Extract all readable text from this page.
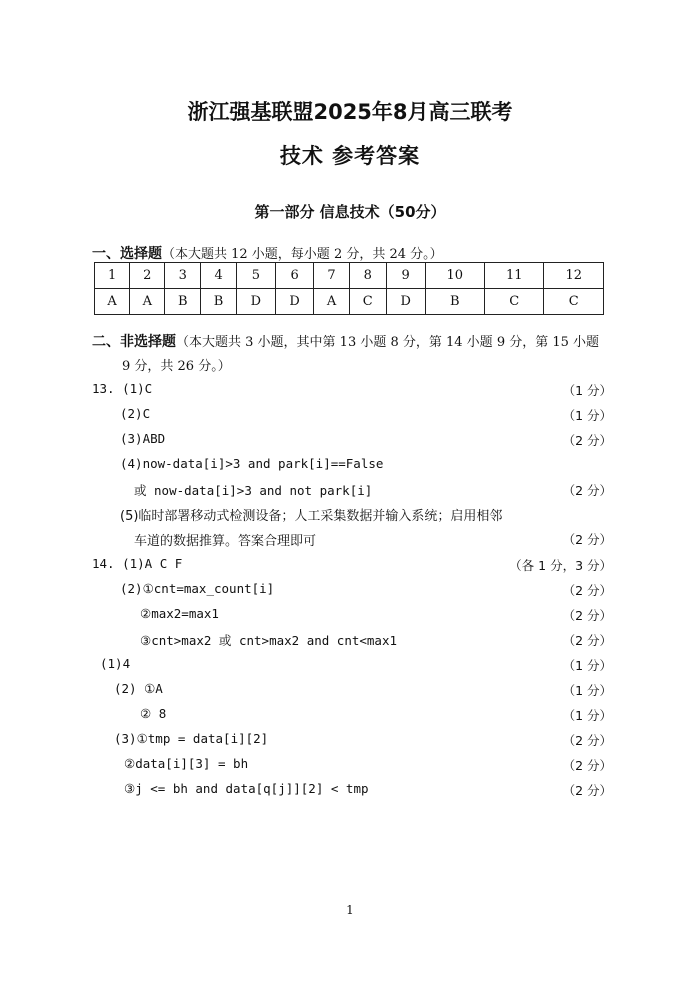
浙江强基联盟2025年8月高三联考
技术 参考答案
第一部分 信息技术（50分）
一、选择题（本大题共 12 小题，每小题 2 分，共 24 分。）
1	2	3	4	5	6	7	8	9	10	11	12
A	A	B	B	D	D	A	C	D	B	C	C
二、非选择题（本大题共 3 小题，其中第 13 小题 8 分，第 14 小题 9 分，第 15 小题
9 分，共 26 分。）
13. (1)C	（1 分）
(2)C	（1 分）
(3)ABD	（2 分）
(4)now-data[i]>3 and park[i]==False
或 now-data[i]>3 and not park[i]	（2 分）
(5)临时部署移动式检测设备；人工采集数据并输入系统；启用相邻
车道的数据推算。答案合理即可	（2 分）
14. (1)A C F	（各 1 分，3 分）
(2)①cnt=max_count[i]	（2 分）
②max2=max1	（2 分）
③cnt>max2 或 cnt>max2 and cnt<max1	（2 分）
(1)4	（1 分）
(2) ①A	（1 分）
② 8	（1 分）
(3)①tmp = data[i][2]	（2 分）
②data[i][3] = bh	（2 分）
③j <= bh and data[q[j]][2] < tmp	（2 分）
1
